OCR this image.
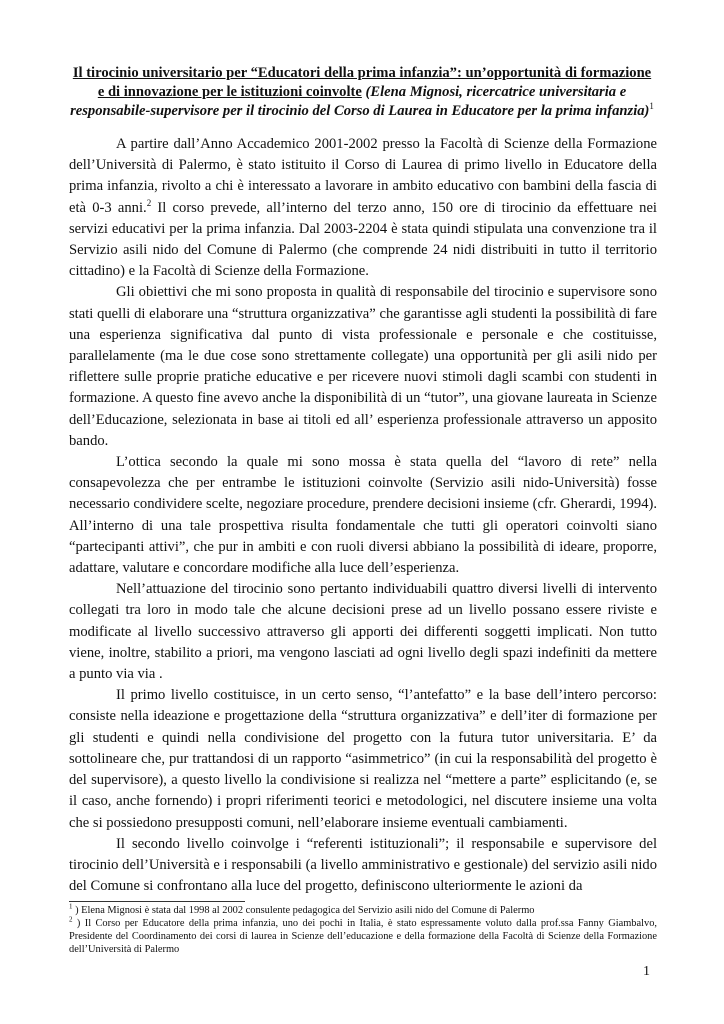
Il tirocinio universitario per “Educatori della prima infanzia”: un’opportunità di formazione e di innovazione per le istituzioni coinvolte (Elena Mignosi, ricercatrice universitaria e responsabile-supervisore per il tirocinio del Corso di Laurea in Educatore per la prima infanzia)$^1$

A partire dall’Anno Accademico 2001-2002 presso la Facoltà di Scienze della Formazione dell’Università di Palermo, è stato istituito il Corso di Laurea di primo livello in Educatore della prima infanzia, rivolto a chi è interessato a lavorare in ambito educativo con bambini della fascia di età 0-3 anni.$^2$ Il corso prevede, all’interno del terzo anno, 150 ore di tirocinio da effettuare nei servizi educativi per la prima infanzia. Dal 2003-2204 è stata quindi stipulata una convenzione tra il Servizio asili nido del Comune di Palermo (che comprende 24 nidi distribuiti in tutto il territorio cittadino) e la Facoltà di Scienze della Formazione.

Gli obiettivi che mi sono proposta in qualità di responsabile del tirocinio e supervisore sono stati quelli di elaborare una “struttura organizzativa” che garantisse agli studenti la possibilità di fare una esperienza significativa dal punto di vista professionale e personale e che costituisse, parallelamente (ma le due cose sono strettamente collegate) una opportunità per gli asili nido per riflettere sulle proprie pratiche educative e per ricevere nuovi stimoli dagli scambi con studenti in formazione. A questo fine avevo anche la disponibilità di un “tutor”, una giovane laureata in Scienze dell’Educazione, selezionata in base ai titoli ed all’ esperienza professionale attraverso un apposito bando.

L’ottica secondo la quale mi sono mossa è stata quella del “lavoro di rete” nella consapevolezza che per entrambe le istituzioni coinvolte (Servizio asili nido-Università) fosse necessario condividere scelte, negoziare procedure, prendere decisioni insieme (cfr. Gherardi, 1994). All’interno di una tale prospettiva risulta fondamentale che tutti gli operatori coinvolti siano “partecipanti attivi”, che pur in ambiti e con ruoli diversi abbiano la possibilità di ideare, proporre, adattare, valutare e concordare modifiche alla luce dell’esperienza.

Nell’attuazione del tirocinio sono pertanto individuabili quattro diversi livelli di intervento collegati tra loro in modo tale che alcune decisioni prese ad un livello possano essere riviste e modificate al livello successivo attraverso gli apporti dei differenti soggetti implicati. Non tutto viene, inoltre, stabilito a priori, ma vengono lasciati ad ogni livello degli spazi indefiniti da mettere a punto via via .

Il primo livello costituisce, in un certo senso, “l’antefatto” e la base dell’intero percorso: consiste nella ideazione e progettazione della “struttura organizzativa” e dell’iter di formazione per gli studenti e quindi nella condivisione del progetto con la futura tutor universitaria. E’ da sottolineare che, pur trattandosi di un rapporto “asimmetrico” (in cui la responsabilità del progetto è del supervisore), a questo livello la condivisione si realizza nel “mettere a parte” esplicitando (e, se il caso, anche fornendo) i propri riferimenti teorici e metodologici, nel discutere insieme una volta che si possiedono presupposti comuni, nell’elaborare insieme eventuali cambiamenti.

Il secondo livello coinvolge i “referenti istituzionali”; il responsabile e supervisore del tirocinio dell’Università e i responsabili (a livello amministrativo e gestionale) del servizio asili nido del Comune si confrontano alla luce del progetto, definiscono ulteriormente le azioni da

$^1$ ) Elena Mignosi è stata dal 1998 al 2002 consulente pedagogica del Servizio asili nido del Comune di Palermo

$^2$ ) Il Corso per Educatore della prima infanzia, uno dei pochi in Italia, è stato espressamente voluto dalla prof.ssa Fanny Giambalvo, Presidente del Coordinamento dei corsi di laurea in Scienze dell’educazione e della formazione della Facoltà di Scienze della Formazione dell’Università di Palermo

1
